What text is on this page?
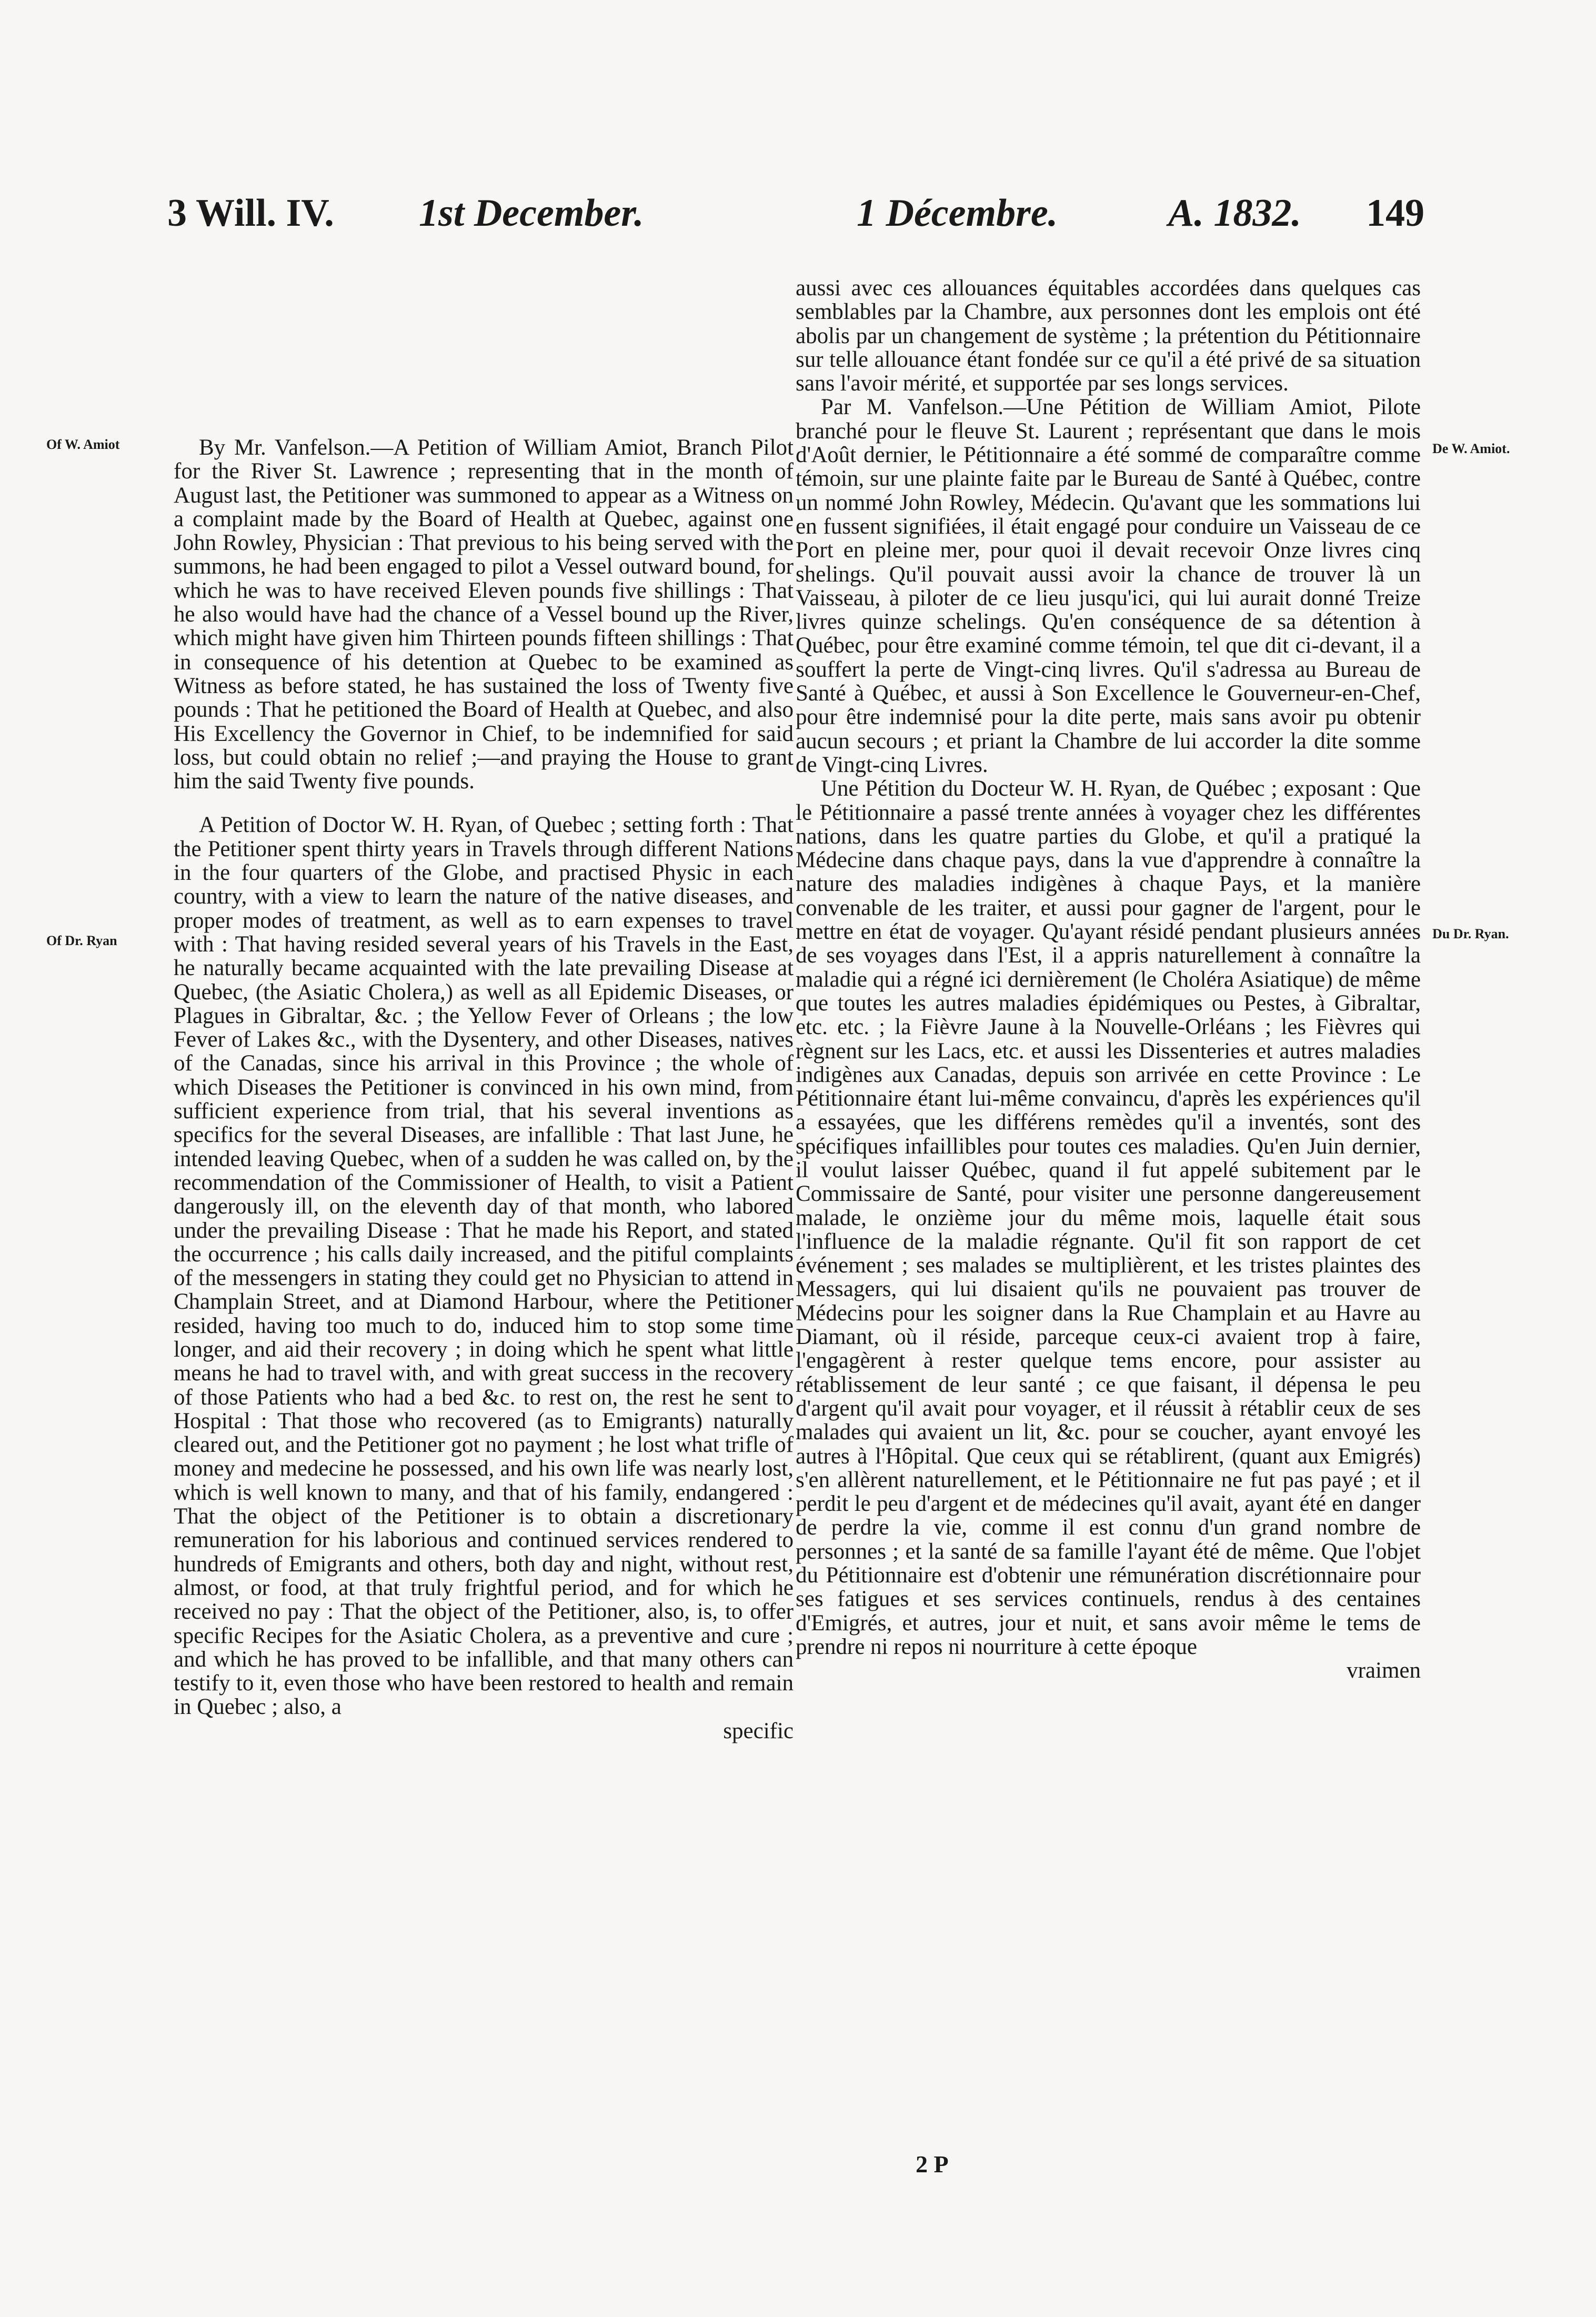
3 Will. IV. 1st December.	1 Décembre.	A. 1832. 149
Of W. Amiot
Of Dr. Ryan
De W. Amiot.
Du Dr. Ryan.

By Mr. Vanfelson.—A Petition of William Amiot, Branch Pilot for the River St. Lawrence ; representing that in the month of August last, the Petitioner was summoned to appear as a Witness on a complaint made by the Board of Health at Quebec, against one John Rowley, Physician : That previous to his being served with the summons, he had been engaged to pilot a Vessel outward bound, for which he was to have received Eleven pounds five shillings : That he also would have had the chance of a Vessel bound up the River, which might have given him Thirteen pounds fifteen shillings : That in consequence of his detention at Quebec to be examined as Witness as before stated, he has sustained the loss of Twenty five pounds : That he petitioned the Board of Health at Quebec, and also His Excellency the Governor in Chief, to be indemnified for said loss, but could obtain no relief ;—and praying the House to grant him the said Twenty five pounds.

A Petition of Doctor W. H. Ryan, of Quebec ; setting forth : That the Petitioner spent thirty years in Travels through different Nations in the four quarters of the Globe, and practised Physic in each country, with a view to learn the nature of the native diseases, and proper modes of treatment, as well as to earn expenses to travel with : That having resided several years of his Travels in the East, he naturally became acquainted with the late prevailing Disease at Quebec, (the Asiatic Cholera,) as well as all Epidemic Diseases, or Plagues in Gibraltar, &c. ; the Yellow Fever of Orleans ; the low Fever of Lakes &c., with the Dysentery, and other Diseases, natives of the Canadas, since his arrival in this Province ; the whole of which Diseases the Petitioner is convinced in his own mind, from sufficient experience from trial, that his several inventions as specifics for the several Diseases, are infallible : That last June, he intended leaving Quebec, when of a sudden he was called on, by the recommendation of the Commissioner of Health, to visit a Patient dangerously ill, on the eleventh day of that month, who labored under the prevailing Disease : That he made his Report, and stated the occurrence ; his calls daily increased, and the pitiful complaints of the messengers in stating they could get no Physician to attend in Champlain Street, and at Diamond Harbour, where the Petitioner resided, having too much to do, induced him to stop some time longer, and aid their recovery ; in doing which he spent what little means he had to travel with, and with great success in the recovery of those Patients who had a bed &c. to rest on, the rest he sent to Hospital : That those who recovered (as to Emigrants) naturally cleared out, and the Petitioner got no payment ; he lost what trifle of money and medecine he possessed, and his own life was nearly lost, which is well known to many, and that of his family, endangered : That the object of the Petitioner is to obtain a discretionary remuneration for his laborious and continued services rendered to hundreds of Emigrants and others, both day and night, without rest, almost, or food, at that truly frightful period, and for which he received no pay : That the object of the Petitioner, also, is, to offer specific Recipes for the Asiatic Cholera, as a preventive and cure ; and which he has proved to be infallible, and that many others can testify to it, even those who have been restored to health and remain in Quebec ; also, a

specific

aussi avec ces allouances équitables accordées dans quelques cas semblables par la Chambre, aux personnes dont les emplois ont été abolis par un changement de système ; la prétention du Pétitionnaire sur telle allouance étant fondée sur ce qu'il a été privé de sa situation sans l'avoir mérité, et supportée par ses longs services.

Par M. Vanfelson.—Une Pétition de William Amiot, Pilote branché pour le fleuve St. Laurent ; représentant que dans le mois d'Août dernier, le Pétitionnaire a été sommé de comparaître comme témoin, sur une plainte faite par le Bureau de Santé à Québec, contre un nommé John Rowley, Médecin. Qu'avant que les sommations lui en fussent signifiées, il était engagé pour conduire un Vaisseau de ce Port en pleine mer, pour quoi il devait recevoir Onze livres cinq shelings. Qu'il pouvait aussi avoir la chance de trouver là un Vaisseau, à piloter de ce lieu jusqu'ici, qui lui aurait donné Treize livres quinze schelings. Qu'en conséquence de sa détention à Québec, pour être examiné comme témoin, tel que dit ci-devant, il a souffert la perte de Vingt-cinq livres. Qu'il s'adressa au Bureau de Santé à Québec, et aussi à Son Excellence le Gouverneur-en-Chef, pour être indemnisé pour la dite perte, mais sans avoir pu obtenir aucun secours ; et priant la Chambre de lui accorder la dite somme de Vingt-cinq Livres.

Une Pétition du Docteur W. H. Ryan, de Québec ; exposant : Que le Pétitionnaire a passé trente années à voyager chez les différentes nations, dans les quatre parties du Globe, et qu'il a pratiqué la Médecine dans chaque pays, dans la vue d'apprendre à connaître la nature des maladies indigènes à chaque Pays, et la manière convenable de les traiter, et aussi pour gagner de l'argent, pour le mettre en état de voyager. Qu'ayant résidé pendant plusieurs années de ses voyages dans l'Est, il a appris naturellement à connaître la maladie qui a régné ici dernièrement (le Choléra Asiatique) de même que toutes les autres maladies épidémiques ou Pestes, à Gibraltar, etc. etc. ; la Fièvre Jaune à la Nouvelle-Orléans ; les Fièvres qui règnent sur les Lacs, etc. et aussi les Dissenteries et autres maladies indigènes aux Canadas, depuis son arrivée en cette Province : Le Pétitionnaire étant lui-même convaincu, d'après les expériences qu'il a essayées, que les différens remèdes qu'il a inventés, sont des spécifiques infaillibles pour toutes ces maladies. Qu'en Juin dernier, il voulut laisser Québec, quand il fut appelé subitement par le Commissaire de Santé, pour visiter une personne dangereusement malade, le onzième jour du même mois, laquelle était sous l'influence de la maladie régnante. Qu'il fit son rapport de cet événement ; ses malades se multiplièrent, et les tristes plaintes des Messagers, qui lui disaient qu'ils ne pouvaient pas trouver de Médecins pour les soigner dans la Rue Champlain et au Havre au Diamant, où il réside, parceque ceux-ci avaient trop à faire, l'engagèrent à rester quelque tems encore, pour assister au rétablissement de leur santé ; ce que faisant, il dépensa le peu d'argent qu'il avait pour voyager, et il réussit à rétablir ceux de ses malades qui avaient un lit, &c. pour se coucher, ayant envoyé les autres à l'Hôpital. Que ceux qui se rétablirent, (quant aux Emigrés) s'en allèrent naturellement, et le Pétitionnaire ne fut pas payé ; et il perdit le peu d'argent et de médecines qu'il avait, ayant été en danger de perdre la vie, comme il est connu d'un grand nombre de personnes ; et la santé de sa famille l'ayant été de même. Que l'objet du Pétitionnaire est d'obtenir une rémunération discrétionnaire pour ses fatigues et ses services continuels, rendus à des centaines d'Emigrés, et autres, jour et nuit, et sans avoir même le tems de prendre ni repos ni nourriture à cette époque

vraimen
2 P
